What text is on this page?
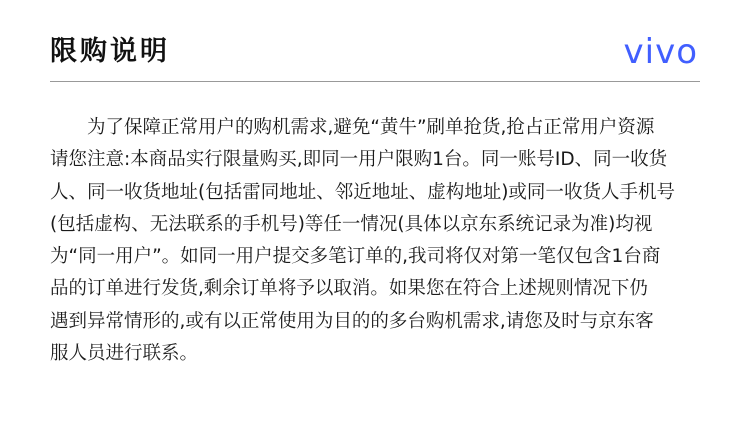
限购说明	vivo
为了保障正常用户的购机需求,避免“黄牛”刷单抢货,抢占正常用户资源
请您注意:本商品实行限量购买,即同一用户限购1台。同一账号ID、同一收货
人、同一收货地址(包括雷同地址、邻近地址、虚构地址)或同一收货人手机号
(包括虚构、无法联系的手机号)等任一情况(具体以京东系统记录为准)均视
为“同一用户”。如同一用户提交多笔订单的,我司将仅对第一笔仅包含1台商
品的订单进行发货,剩余订单将予以取消。如果您在符合上述规则情况下仍
遇到异常情形的,或有以正常使用为目的的多台购机需求,请您及时与京东客
服人员进行联系。
